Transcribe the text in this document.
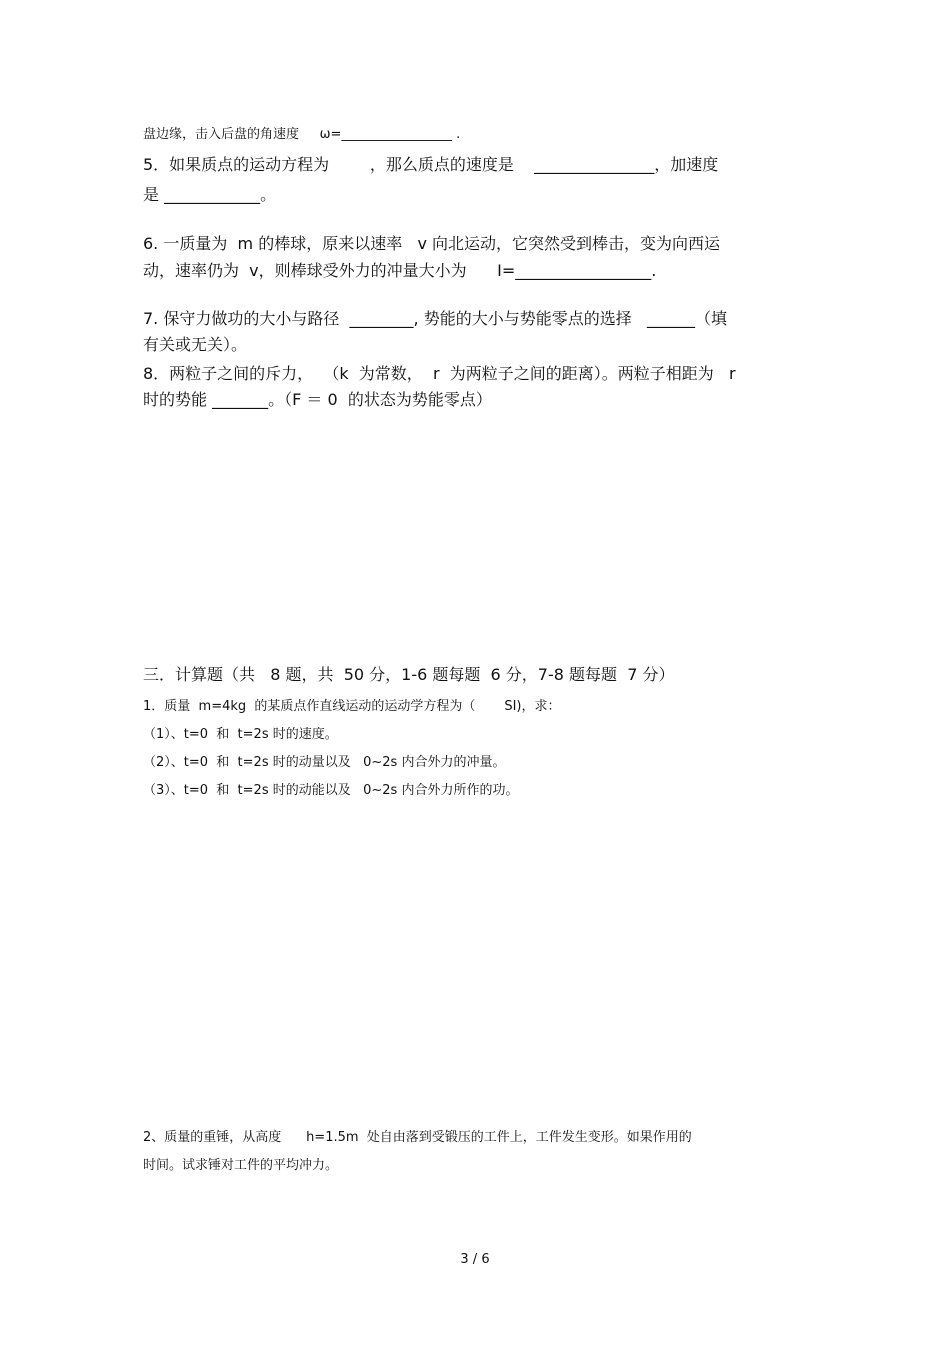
盘边缘，击入后盘的角速度     ω=_________________ .
5．如果质点的运动方程为        ，那么质点的速度是    _______________，加速度
是 ____________。
6. 一质量为  m 的棒球，原来以速率   v 向北运动，它突然受到棒击，变为向西运
动，速率仍为  v，则棒球受外力的冲量大小为      I=_________________.
7. 保守力做功的大小与路径  ________, 势能的大小与势能零点的选择   ______（填
有关或无关）。
8．两粒子之间的斥力，  （k  为常数，  r  为两粒子之间的距离）。两粒子相距为   r
时的势能 _______。（F ＝ 0  的状态为势能零点）
三．计算题（共   8 题，共  50 分，1-6 题每题  6 分，7-8 题每题  7 分）
1．质量  m=4kg  的某质点作直线运动的运动学方程为（       SI)，求：
（1）、t=0  和  t=2s 时的速度。
（2）、t=0  和  t=2s 时的动量以及   0~2s 内合外力的冲量。
（3）、t=0  和  t=2s 时的动能以及   0~2s 内合外力所作的功。
2、质量的重锤，从高度      h=1.5m  处自由落到受锻压的工件上，工件发生变形。如果作用的
时间。试求锤对工件的平均冲力。
3 / 6
